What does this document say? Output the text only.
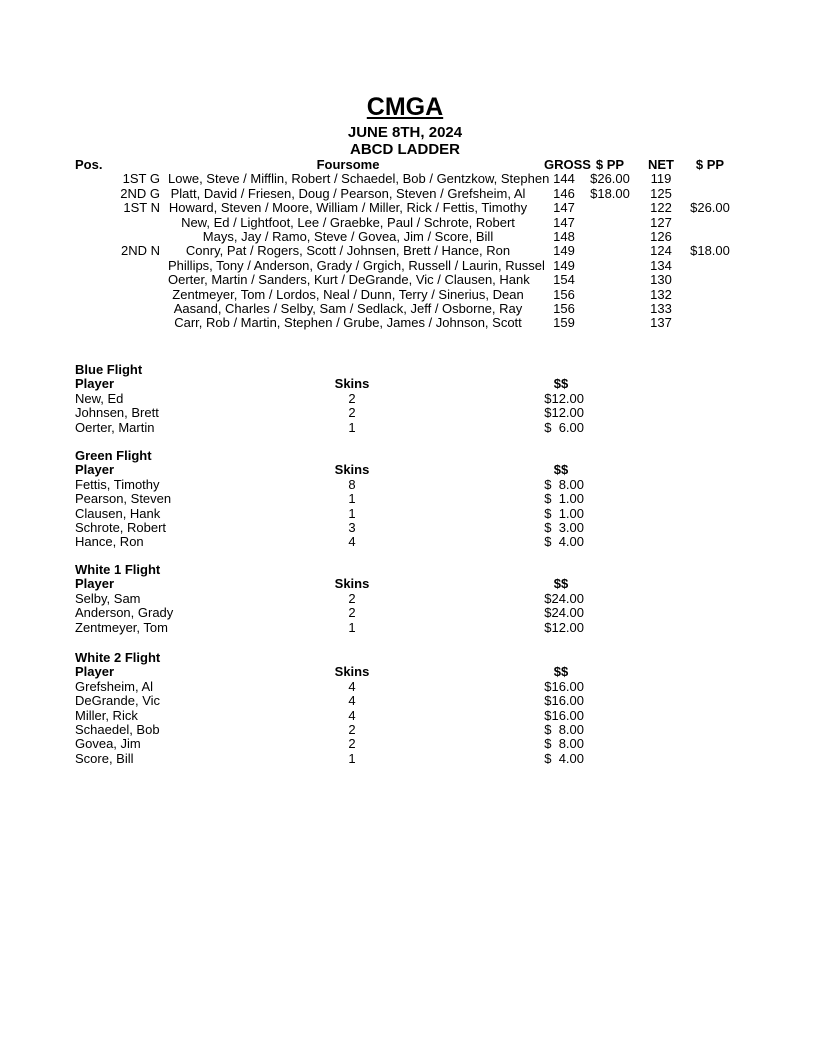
CMGA
JUNE 8TH, 2024
ABCD LADDER
Pos.	Foursome	GROSS $ PP	NET	$ PP
1ST G Lowe, Steve / Mifflin, Robert / Schaedel, Bob / Gentzkow, Stephen 144	$26.00	119
2ND G Platt, David / Friesen, Doug / Pearson, Steven / Grefsheim, Al	146	$18.00	125
1ST N Howard, Steven / Moore, William / Miller, Rick / Fettis, Timothy	147	122	$26.00
New, Ed / Lightfoot, Lee / Graebke, Paul / Schrote, Robert	147	127
Mays, Jay / Ramo, Steve / Govea, Jim / Score, Bill	148	126
2ND N	Conry, Pat / Rogers, Scott / Johnsen, Brett / Hance, Ron	149	124	$18.00
Phillips, Tony / Anderson, Grady / Grgich, Russell / Laurin, Russel 149	134
Oerter, Martin / Sanders, Kurt / DeGrande, Vic / Clausen, Hank	154	130
Zentmeyer, Tom / Lordos, Neal / Dunn, Terry / Sinerius, Dean	156	132
Aasand, Charles / Selby, Sam / Sedlack, Jeff / Osborne, Ray	156	133
Carr, Rob / Martin, Stephen / Grube, James / Johnson, Scott	159	137
Blue Flight
Player	Skins	$$
New, Ed	2	$12.00
Johnsen, Brett	2	$12.00
Oerter, Martin	1	$  6.00
Green Flight
Player	Skins	$$
Fettis, Timothy	8	$  8.00
Pearson, Steven	1	$  1.00
Clausen, Hank	1	$  1.00
Schrote, Robert	3	$  3.00
Hance, Ron	4	$  4.00
White 1 Flight
Player	Skins	$$
Selby, Sam	2	$24.00
Anderson, Grady	2	$24.00
Zentmeyer, Tom	1	$12.00
White 2 Flight
Player	Skins	$$
Grefsheim, Al	4	$16.00
DeGrande, Vic	4	$16.00
Miller, Rick	4	$16.00
Schaedel, Bob	2	$  8.00
Govea, Jim	2	$  8.00
Score, Bill	1	$  4.00
